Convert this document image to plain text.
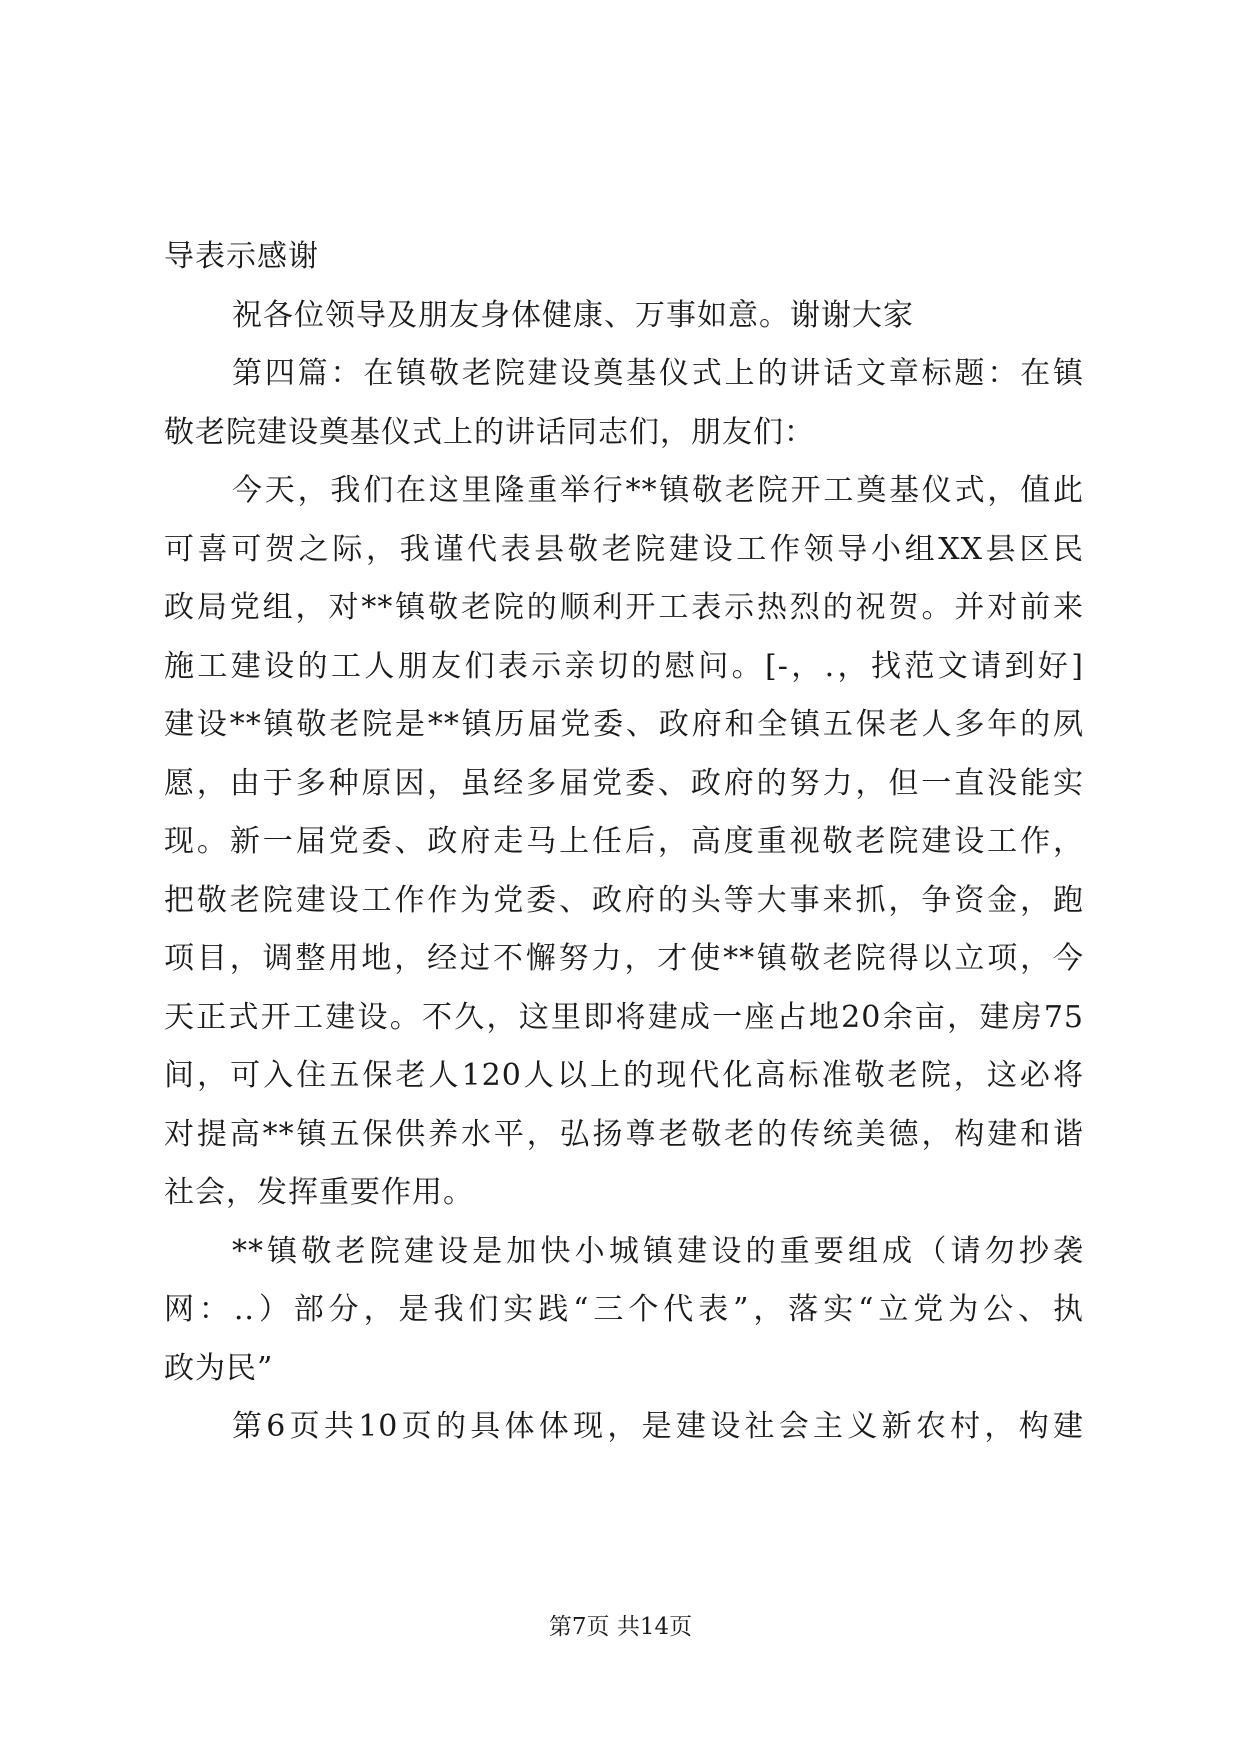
导表示感谢
祝各位领导及朋友身体健康、万事如意。谢谢大家
第四篇：在镇敬老院建设奠基仪式上的讲话文章标题：在镇
敬老院建设奠基仪式上的讲话同志们，朋友们：
今天，我们在这里隆重举行**镇敬老院开工奠基仪式，值此
可喜可贺之际，我谨代表县敬老院建设工作领导小组XX县区民
政局党组，对**镇敬老院的顺利开工表示热烈的祝贺。并对前来
施工建设的工人朋友们表示亲切的慰问。[-，.，找范文请到好]
建设**镇敬老院是**镇历届党委、政府和全镇五保老人多年的夙
愿，由于多种原因，虽经多届党委、政府的努力，但一直没能实
现。新一届党委、政府走马上任后，高度重视敬老院建设工作，
把敬老院建设工作作为党委、政府的头等大事来抓，争资金，跑
项目，调整用地，经过不懈努力，才使**镇敬老院得以立项，今
天正式开工建设。不久，这里即将建成一座占地20余亩，建房75
间，可入住五保老人120人以上的现代化高标准敬老院，这必将
对提高**镇五保供养水平，弘扬尊老敬老的传统美德，构建和谐
社会，发挥重要作用。
**镇敬老院建设是加快小城镇建设的重要组成（请勿抄袭
网：..）部分，是我们实践“三个代表”，落实“立党为公、执
政为民”
第6页共10页的具体体现，是建设社会主义新农村，构建
第7页 共14页
